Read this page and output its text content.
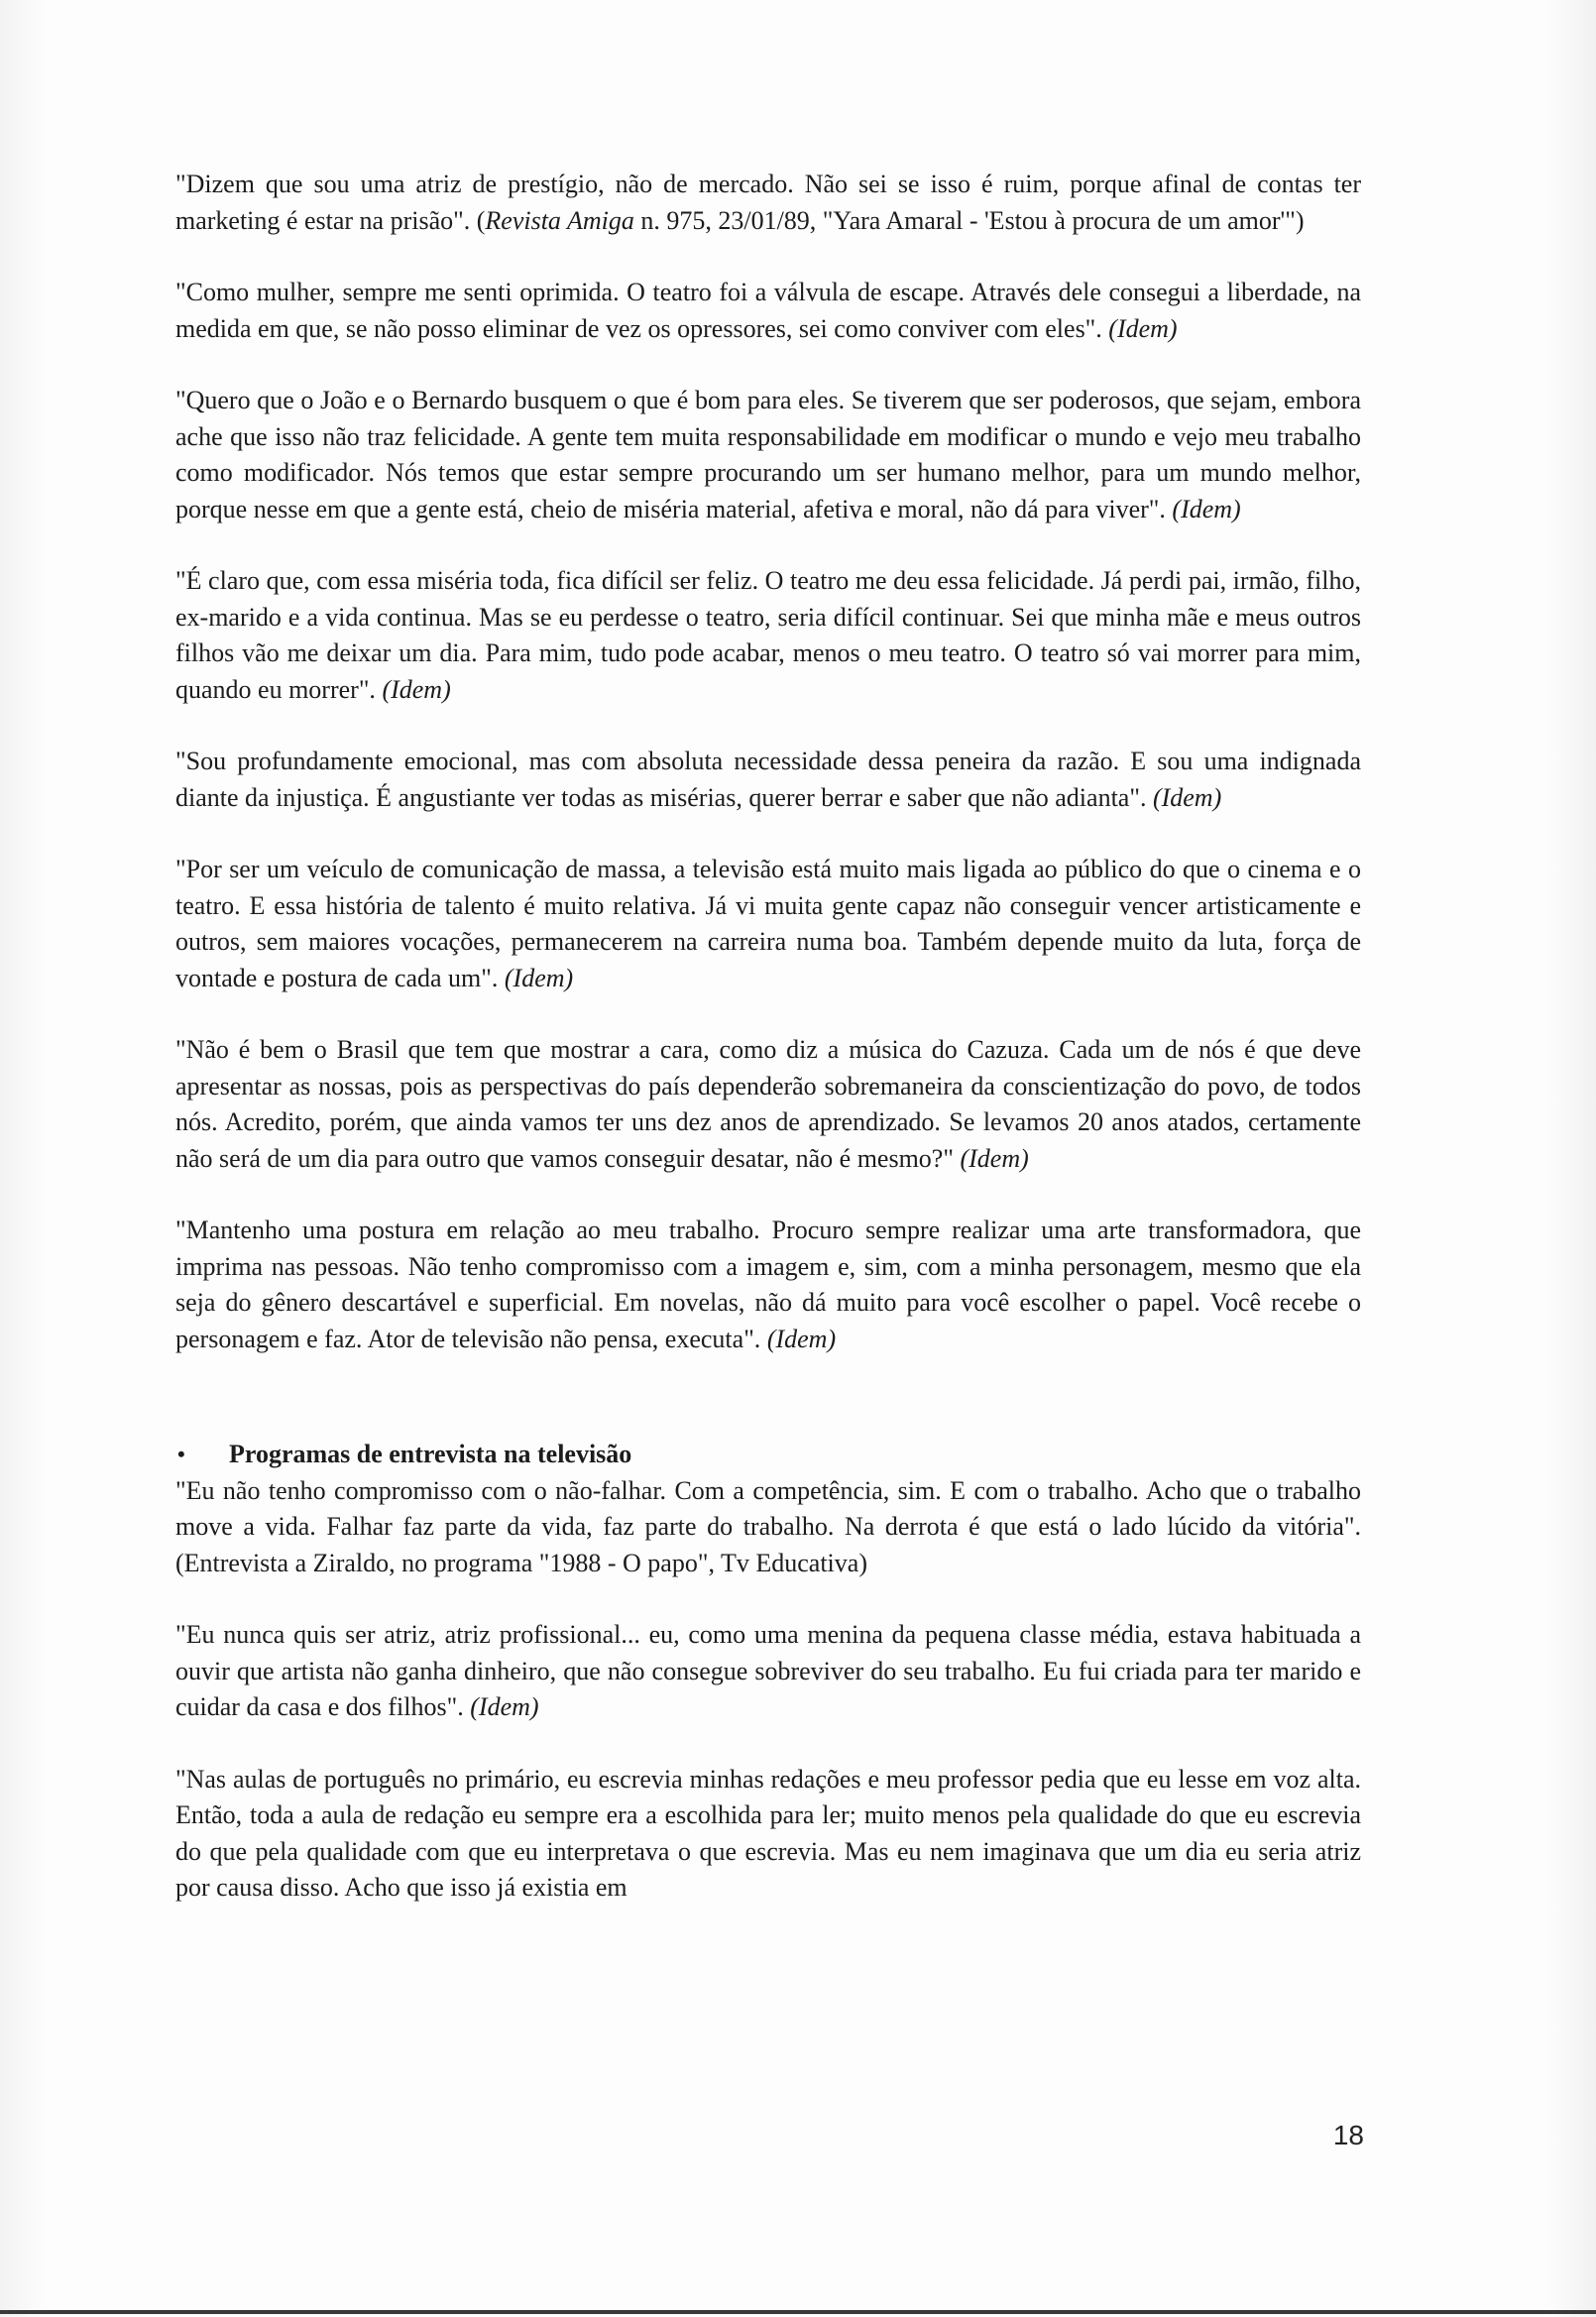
"Dizem que sou uma atriz de prestígio, não de mercado. Não sei se isso é ruim, porque afinal de contas ter marketing é estar na prisão". (Revista Amiga n. 975, 23/01/89, "Yara Amaral - 'Estou à procura de um amor'")

"Como mulher, sempre me senti oprimida. O teatro foi a válvula de escape. Através dele consegui a liberdade, na medida em que, se não posso eliminar de vez os opressores, sei como conviver com eles". (Idem)

"Quero que o João e o Bernardo busquem o que é bom para eles. Se tiverem que ser poderosos, que sejam, embora ache que isso não traz felicidade. A gente tem muita responsabilidade em modificar o mundo e vejo meu trabalho como modificador. Nós temos que estar sempre procurando um ser humano melhor, para um mundo melhor, porque nesse em que a gente está, cheio de miséria material, afetiva e moral, não dá para viver". (Idem)

"É claro que, com essa miséria toda, fica difícil ser feliz. O teatro me deu essa felicidade. Já perdi pai, irmão, filho, ex-marido e a vida continua. Mas se eu perdesse o teatro, seria difícil continuar. Sei que minha mãe e meus outros filhos vão me deixar um dia. Para mim, tudo pode acabar, menos o meu teatro. O teatro só vai morrer para mim, quando eu morrer". (Idem)

"Sou profundamente emocional, mas com absoluta necessidade dessa peneira da razão. E sou uma indignada diante da injustiça. É angustiante ver todas as misérias, querer berrar e saber que não adianta". (Idem)

"Por ser um veículo de comunicação de massa, a televisão está muito mais ligada ao público do que o cinema e o teatro. E essa história de talento é muito relativa. Já vi muita gente capaz não conseguir vencer artisticamente e outros, sem maiores vocações, permanecerem na carreira numa boa. Também depende muito da luta, força de vontade e postura de cada um". (Idem)

"Não é bem o Brasil que tem que mostrar a cara, como diz a música do Cazuza. Cada um de nós é que deve apresentar as nossas, pois as perspectivas do país dependerão sobremaneira da conscientização do povo, de todos nós. Acredito, porém, que ainda vamos ter uns dez anos de aprendizado. Se levamos 20 anos atados, certamente não será de um dia para outro que vamos conseguir desatar, não é mesmo?" (Idem)

"Mantenho uma postura em relação ao meu trabalho. Procuro sempre realizar uma arte transformadora, que imprima nas pessoas. Não tenho compromisso com a imagem e, sim, com a minha personagem, mesmo que ela seja do gênero descartável e superficial. Em novelas, não dá muito para você escolher o papel. Você recebe o personagem e faz. Ator de televisão não pensa, executa". (Idem)

•	Programas de entrevista na televisão

"Eu não tenho compromisso com o não-falhar. Com a competência, sim. E com o trabalho. Acho que o trabalho move a vida. Falhar faz parte da vida, faz parte do trabalho. Na derrota é que está o lado lúcido da vitória". (Entrevista a Ziraldo, no programa "1988 - O papo", Tv Educativa)

"Eu nunca quis ser atriz, atriz profissional... eu, como uma menina da pequena classe média, estava habituada a ouvir que artista não ganha dinheiro, que não consegue sobreviver do seu trabalho. Eu fui criada para ter marido e cuidar da casa e dos filhos". (Idem)

"Nas aulas de português no primário, eu escrevia minhas redações e meu professor pedia que eu lesse em voz alta. Então, toda a aula de redação eu sempre era a escolhida para ler; muito menos pela qualidade do que eu escrevia do que pela qualidade com que eu interpretava o que escrevia. Mas eu nem imaginava que um dia eu seria atriz por causa disso. Acho que isso já existia em

18
